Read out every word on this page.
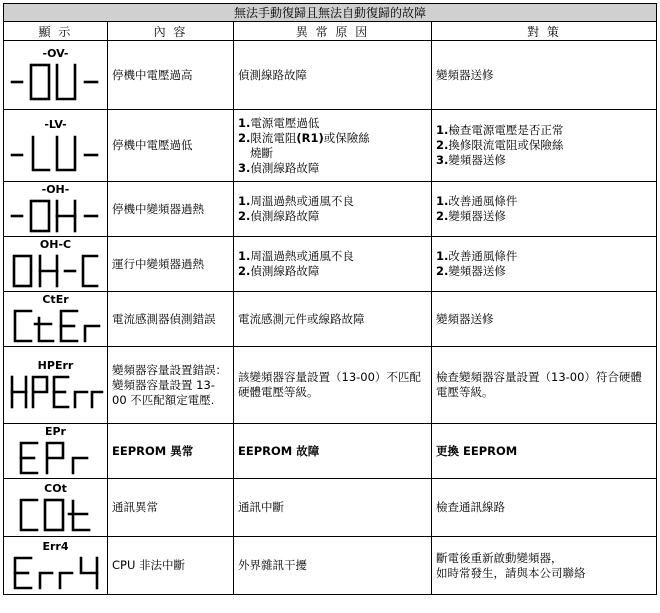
無法手動復歸且無法自動復歸的故障			
顯 示	內 容	異 常 原 因	對 策

-OV-	停機中電壓過高	偵測線路故障	變頻器送修

-LV-	停機中電壓過低	1.電源電壓過低
2.限流電阻(R1)或保險絲
燒斷
3.偵測線路故障	1.檢查電源電壓是否正常
2.換修限流電阻或保險絲
3.變頻器送修

-OH-	停機中變頻器過熱	1.周溫過熱或通風不良
2.偵測線路故障	1.改善通風條件
2.變頻器送修

OH-C	運行中變頻器過熱	1.周溫過熱或通風不良
2.偵測線路故障	1.改善通風條件
2.變頻器送修

CtEr	電流感測器偵測錯誤	電流感測元件或線路故障	變頻器送修

HPErr	變頻器容量設置錯誤：變頻器容量設置 13-00 不匹配額定電壓.	該變頻器容量設置（13-00）不匹配硬體電壓等級。	檢查變頻器容量設置（13-00）符合硬體電壓等級。

EPr	EEPROM 異常	EEPROM 故障	更換 EEPROM

COt	通訊異常	通訊中斷	檢查通訊線路

Err4	CPU 非法中斷	外界雜訊干擾	斷電後重新啟動變頻器，
如時常發生，請與本公司聯絡
